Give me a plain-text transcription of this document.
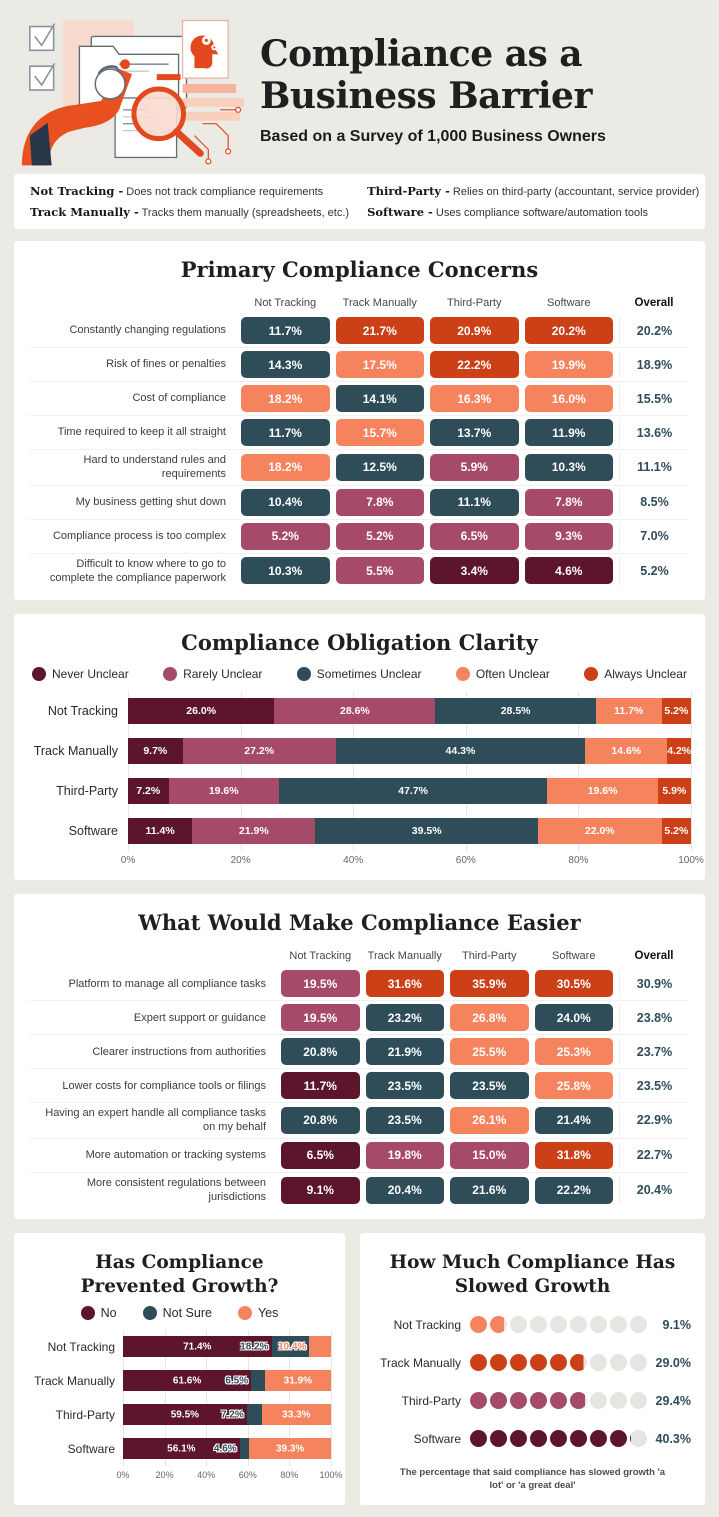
Compliance as a
Business Barrier

Based on a Survey of 1,000 Business Owners

Not Tracking - Does not track compliance requirements	Third-Party - Relies on third-party (accountant, service provider)
Track Manually - Tracks them manually (spreadsheets, etc.) Software - Uses compliance software/automation tools
Primary Compliance Concerns
Not Tracking	Track Manually	Third-Party	Software	Overall
Constantly changing regulations	11.7%	21.7%	20.9%	20.2%	20.2%
Risk of fines or penalties	14.3%	17.5%	22.2%	19.9%	18.9%
Cost of compliance	18.2%	14.1%	16.3%	16.0%	15.5%
Time required to keep it all straight	11.7%	15.7%	13.7%	11.9%	13.6%
Hard to understand rules and requirements	18.2%	12.5%	5.9%	10.3%	11.1%
My business getting shut down	10.4%	7.8%	11.1%	7.8%	8.5%
Compliance process is too complex	5.2%	5.2%	6.5%	9.3%	7.0%
Difficult to know where to go to complete the compliance paperwork	10.3%	5.5%	3.4%	4.6%	5.2%
Compliance Obligation Clarity
Never Unclear	Rarely Unclear	Sometimes Unclear	Often Unclear	Always Unclear
Not Tracking
Track Manually
Third-Party
Software
26.0%	28.6%	28.5%	11.7% 5.2%
9.7%	27.2%	44.3%	14.6% 4.2%
7.2%	19.6%	47.7%	19.6%	5.9%
11.4%	21.9%	39.5%	22.0%	5.2%
0%	20%	40%	60%	80%	100%
What Would Make Compliance Easier
Not Tracking	Track Manually	Third-Party	Software	Overall
Platform to manage all compliance tasks	19.5%	31.6%	35.9%	30.5%	30.9%
Expert support or guidance	19.5%	23.2%	26.8%	24.0%	23.8%
Clearer instructions from authorities	20.8%	21.9%	25.5%	25.3%	23.7%
Lower costs for compliance tools or filings	11.7%	23.5%	23.5%	25.8%	23.5%
Having an expert handle all compliance tasks on my behalf	20.8%	23.5%	26.1%	21.4%	22.9%
More automation or tracking systems	6.5%	19.8%	15.0%	31.8%	22.7%
More consistent regulations between jurisdictions	9.1%	20.4%	21.6%	22.2%	20.4%
Has Compliance
Prevented Growth?
No	Not Sure	Yes
Not Tracking
Track Manually
Third-Party
Software
71.4%	18.2% 10.4%
61.6% 6.5%	31.9%
59.5% 7.2%	33.3%
56.1% 4.6%	39.3%
0%	20%	40%	60%	80% 100%
How Much Compliance Has
Slowed Growth
Not Tracking	9.1%
Track Manually	29.0%
Third-Party	29.4%
Software	40.3%

The percentage that said compliance has slowed growth 'a lot' or 'a great deal'
